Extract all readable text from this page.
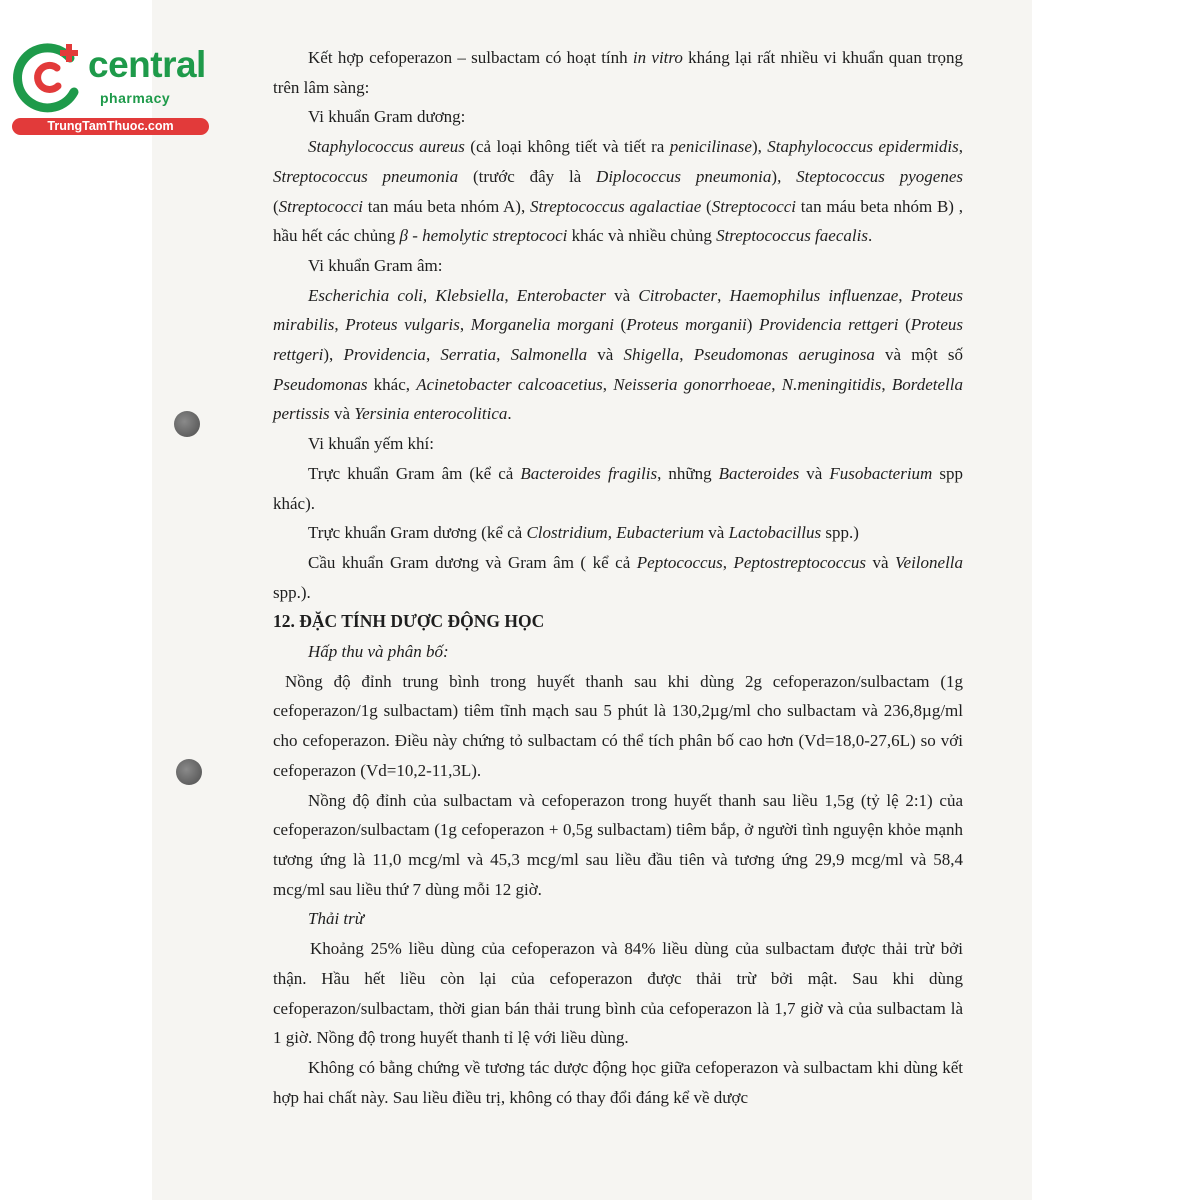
central
pharmacy
TrungTamThuoc.com

Kết hợp cefoperazon – sulbactam có hoạt tính in vitro kháng lại rất nhiều vi khuẩn quan trọng trên lâm sàng:

Vi khuẩn Gram dương:

Staphylococcus aureus (cả loại không tiết và tiết ra penicilinase), Staphylococcus epidermidis, Streptococcus pneumonia (trước đây là Diplococcus pneumonia), Steptococcus pyogenes (Streptococci tan máu beta nhóm A), Streptococcus agalactiae (Streptococci tan máu beta nhóm B) , hầu hết các chủng β - hemolytic streptococi khác và nhiều chủng Streptococcus faecalis.

Vi khuẩn Gram âm:

Escherichia coli, Klebsiella, Enterobacter và Citrobacter, Haemophilus influenzae, Proteus mirabilis, Proteus vulgaris, Morganelia morgani (Proteus morganii) Providencia rettgeri (Proteus rettgeri), Providencia, Serratia, Salmonella và Shigella, Pseudomonas aeruginosa và một số Pseudomonas khác, Acinetobacter calcoacetius, Neisseria gonorrhoeae, N.meningitidis, Bordetella pertissis và Yersinia enterocolitica.

Vi khuẩn yếm khí:

Trực khuẩn Gram âm (kể cả Bacteroides fragilis, những Bacteroides và Fusobacterium spp khác).

Trực khuẩn Gram dương (kể cả Clostridium, Eubacterium và Lactobacillus spp.)

Cầu khuẩn Gram dương và Gram âm ( kể cả Peptococcus, Peptostreptococcus và Veilonella spp.).

12. ĐẶC TÍNH DƯỢC ĐỘNG HỌC

Hấp thu và phân bố:

Nồng độ đỉnh trung bình trong huyết thanh sau khi dùng 2g cefoperazon/sulbactam (1g cefoperazon/1g sulbactam) tiêm tĩnh mạch sau 5 phút là 130,2µg/ml cho sulbactam và 236,8µg/ml cho cefoperazon. Điều này chứng tỏ sulbactam có thể tích phân bố cao hơn (Vd=18,0-27,6L) so với cefoperazon (Vd=10,2-11,3L).

Nồng độ đỉnh của sulbactam và cefoperazon trong huyết thanh sau liều 1,5g (tỷ lệ 2:1) của cefoperazon/sulbactam (1g cefoperazon + 0,5g sulbactam) tiêm bắp, ở người tình nguyện khỏe mạnh tương ứng là 11,0 mcg/ml và 45,3 mcg/ml sau liều đầu tiên và tương ứng 29,9 mcg/ml và 58,4 mcg/ml sau liều thứ 7 dùng mỗi 12 giờ.

Thải trừ

Khoảng 25% liều dùng của cefoperazon và 84% liều dùng của sulbactam được thải trừ bởi thận. Hầu hết liều còn lại của cefoperazon được thải trừ bởi mật. Sau khi dùng cefoperazon/sulbactam, thời gian bán thải trung bình của cefoperazon là 1,7 giờ và của sulbactam là 1 giờ. Nồng độ trong huyết thanh tỉ lệ với liều dùng.

Không có bằng chứng về tương tác dược động học giữa cefoperazon và sulbactam khi dùng kết hợp hai chất này. Sau liều điều trị, không có thay đổi đáng kể về dược
